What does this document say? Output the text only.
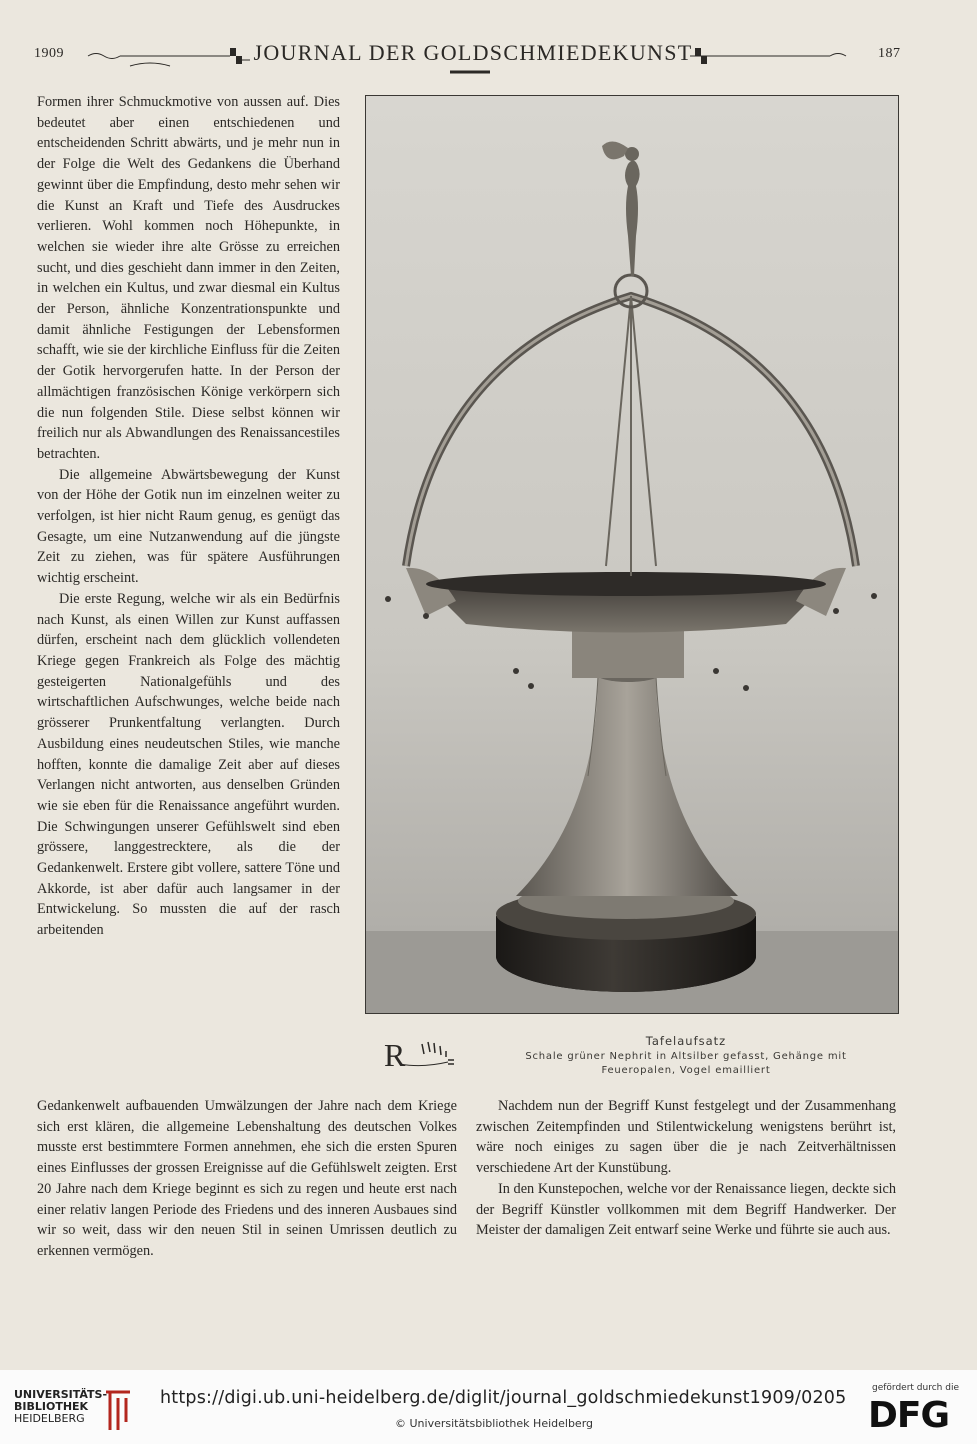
1909	JOURNAL DER GOLDSCHMIEDEKUNST	187

Formen ihrer Schmuckmotive von aussen auf. Dies bedeutet aber einen entschiedenen und entscheidenden Schritt abwärts, und je mehr nun in der Folge die Welt des Gedankens die Überhand gewinnt über die Empfindung, desto mehr sehen wir die Kunst an Kraft und Tiefe des Ausdruckes verlieren. Wohl kommen noch Höhepunkte, in welchen sie wieder ihre alte Grösse zu erreichen sucht, und dies geschieht dann immer in den Zeiten, in welchen ein Kultus, und zwar diesmal ein Kultus der Person, ähnliche Konzentrationspunkte und damit ähnliche Festigungen der Lebensformen schafft, wie sie der kirchliche Einfluss für die Zeiten der Gotik hervorgerufen hatte. In der Person der allmächtigen französischen Könige verkörpern sich die nun folgenden Stile. Diese selbst können wir freilich nur als Abwandlungen des Renaissancestiles betrachten.

Die allgemeine Abwärtsbewegung der Kunst von der Höhe der Gotik nun im einzelnen weiter zu verfolgen, ist hier nicht Raum genug, es genügt das Gesagte, um eine Nutzanwendung auf die jüngste Zeit zu ziehen, was für spätere Ausführungen wichtig erscheint.

Die erste Regung, welche wir als ein Bedürfnis nach Kunst, als einen Willen zur Kunst auffassen dürfen, erscheint nach dem glücklich vollendeten Kriege gegen Frankreich als Folge des mächtig gesteigerten Nationalgefühls und des wirtschaftlichen Aufschwunges, welche beide nach grösserer Prunkentfaltung verlangten. Durch Ausbildung eines neudeutschen Stiles, wie manche hofften, konnte die damalige Zeit aber auf dieses Verlangen nicht antworten, aus denselben Gründen wie sie eben für die Renaissance angeführt wurden. Die Schwingungen unserer Gefühlswelt sind eben grössere, langgestrecktere, als die der Gedankenwelt. Erstere gibt vollere, sattere Töne und Akkorde, ist aber dafür auch langsamer in der Entwickelung. So mussten die auf der rasch arbeitenden

R	Tafelaufsatz
Schale grüner Nephrit in Altsilber gefasst, Gehänge mit
Feueropalen, Vogel emailliert

Gedankenwelt aufbauenden Umwälzungen der Jahre nach dem Kriege sich erst klären, die allgemeine Lebenshaltung des deutschen Volkes musste erst bestimmtere Formen annehmen, ehe sich die ersten Spuren eines Einflusses der grossen Ereignisse auf die Gefühlswelt zeigten. Erst 20 Jahre nach dem Kriege beginnt es sich zu regen und heute erst nach einer relativ langen Periode des Friedens und des inneren Ausbaues sind wir so weit, dass wir den neuen Stil in seinen Umrissen deutlich zu erkennen vermögen.

Nachdem nun der Begriff Kunst festgelegt und der Zusammenhang zwischen Zeitempfinden und Stilentwickelung wenigstens berührt ist, wäre noch einiges zu sagen über die je nach Zeitverhältnissen verschiedene Art der Kunstübung.

In den Kunstepochen, welche vor der Renaissance liegen, deckte sich der Begriff Künstler vollkommen mit dem Begriff Handwerker. Der Meister der damaligen Zeit entwarf seine Werke und führte sie auch aus.

UNIVERSITÄTS-
BIBLIOTHEK
HEIDELBERG
https://digi.ub.uni-heidelberg.de/diglit/journal_goldschmiedekunst1909/0205
© Universitätsbibliothek Heidelberg
gefördert durch die
DFG
